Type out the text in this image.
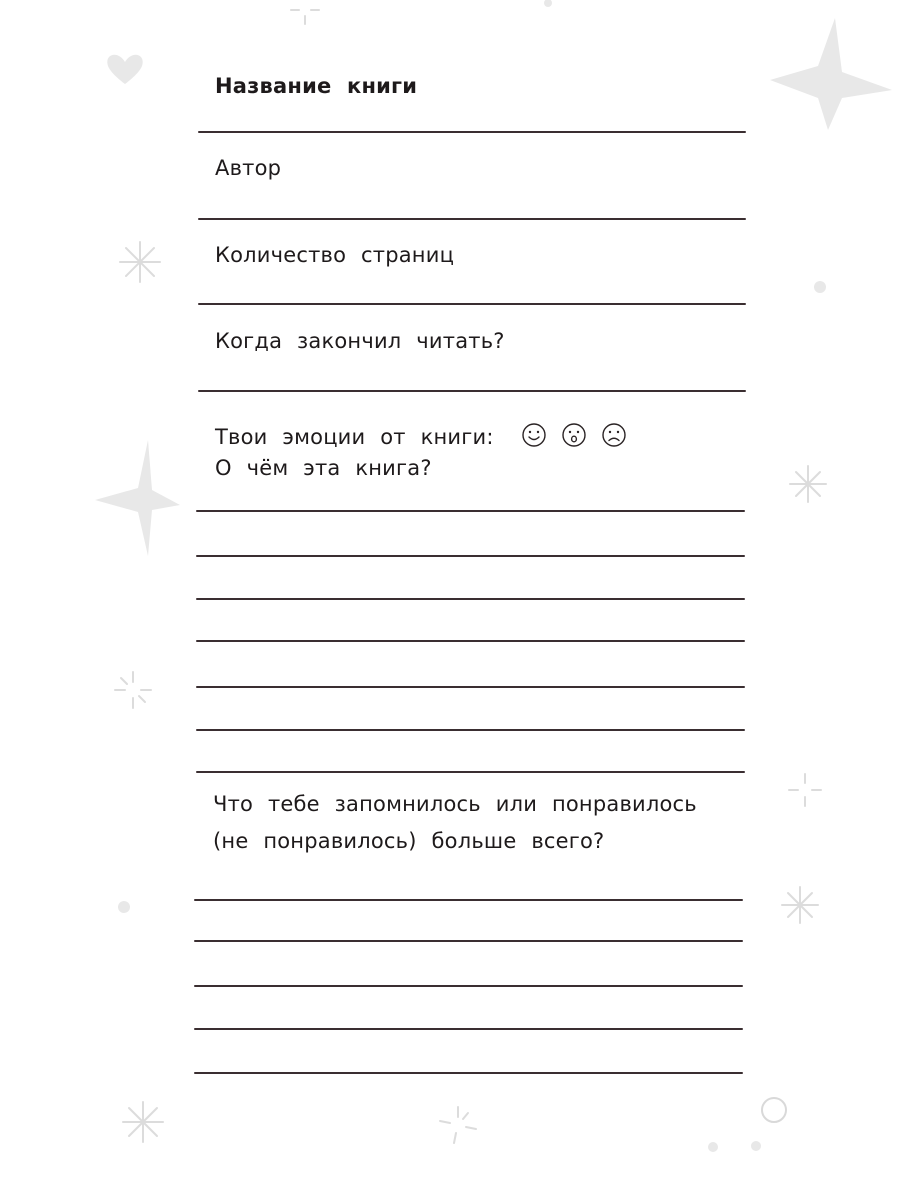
Название книги
Автор
Количество страниц
Когда закончил читать?
Твои эмоции от книги:
О чём эта книга?
Что тебе запомнилось или понравилось
(не понравилось) больше всего?
